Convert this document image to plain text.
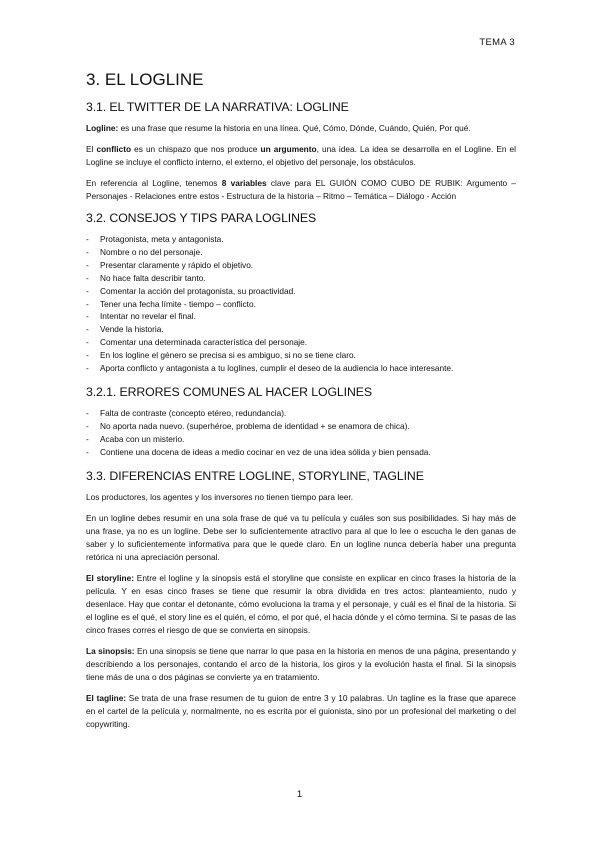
TEMA 3
3. EL LOGLINE
3.1. EL TWITTER DE LA NARRATIVA: LOGLINE

Logline: es una frase que resume la historia en una línea. Qué, Cómo, Dónde, Cuándo, Quién, Por qué.

El conflicto es un chispazo que nos produce un argumento, una idea. La idea se desarrolla en el Logline. En el Logline se incluye el conflicto interno, el externo, el objetivo del personaje, los obstáculos.

En referencia al Logline, tenemos 8 variables clave para EL GUIÓN COMO CUBO DE RUBIK: Argumento – Personajes - Relaciones entre estos - Estructura de la historia – Ritmo – Temática – Diálogo - Acción

3.2. CONSEJOS Y TIPS PARA LOGLINES
- Protagonista, meta y antagonista.
- Nombre o no del personaje.
- Presentar claramente y rápido el objetivo.
- No hace falta describir tanto.
- Comentar la acción del protagonista, su proactividad.
- Tener una fecha límite - tiempo – conflicto.
- Intentar no revelar el final.
- Vende la historia.
- Comentar una determinada característica del personaje.
- En los logline el género se precisa si es ambiguo, si no se tiene claro.
- Aporta conflicto y antagonista a tu loglines, cumplir el deseo de la audiencia lo hace interesante.
3.2.1. ERRORES COMUNES AL HACER LOGLINES
- Falta de contraste (concepto etéreo, redundancia).
- No aporta nada nuevo. (superhéroe, problema de identidad + se enamora de chica).
- Acaba con un misterio.
- Contiene una docena de ideas a medio cocinar en vez de una idea sólida y bien pensada.
3.3. DIFERENCIAS ENTRE LOGLINE, STORYLINE, TAGLINE

Los productores, los agentes y los inversores no tienen tiempo para leer.

En un logline debes resumir en una sola frase de qué va tu película y cuáles son sus posibilidades. Si hay más de una frase, ya no es un logline. Debe ser lo suficientemente atractivo para al que lo lee o escucha le den ganas de saber y lo suficientemente informativa para que le quede claro. En un logline nunca debería haber una pregunta retórica ni una apreciación personal.

El storyline: Entre el logline y la sinopsis está el storyline que consiste en explicar en cinco frases la historia de la película. Y en esas cinco frases se tiene que resumir la obra dividida en tres actos: planteamiento, nudo y desenlace. Hay que contar el detonante, cómo evoluciona la trama y el personaje, y cuál es el final de la historia. Si el logline es el qué, el story line es el quién, el cómo, el por qué, el hacia dónde y el cómo termina. Si te pasas de las cinco frases corres el riesgo de que se convierta en sinopsis.

La sinopsis: En una sinopsis se tiene que narrar lo que pasa en la historia en menos de una página, presentando y describiendo a los personajes, contando el arco de la historia, los giros y la evolución hasta el final. Si la sinopsis tiene más de una o dos páginas se convierte ya en tratamiento.

El tagline: Se trata de una frase resumen de tu guion de entre 3 y 10 palabras. Un tagline es la frase que aparece en el cartel de la película y, normalmente, no es escrita por el guionista, sino por un profesional del marketing o del copywriting.

1
